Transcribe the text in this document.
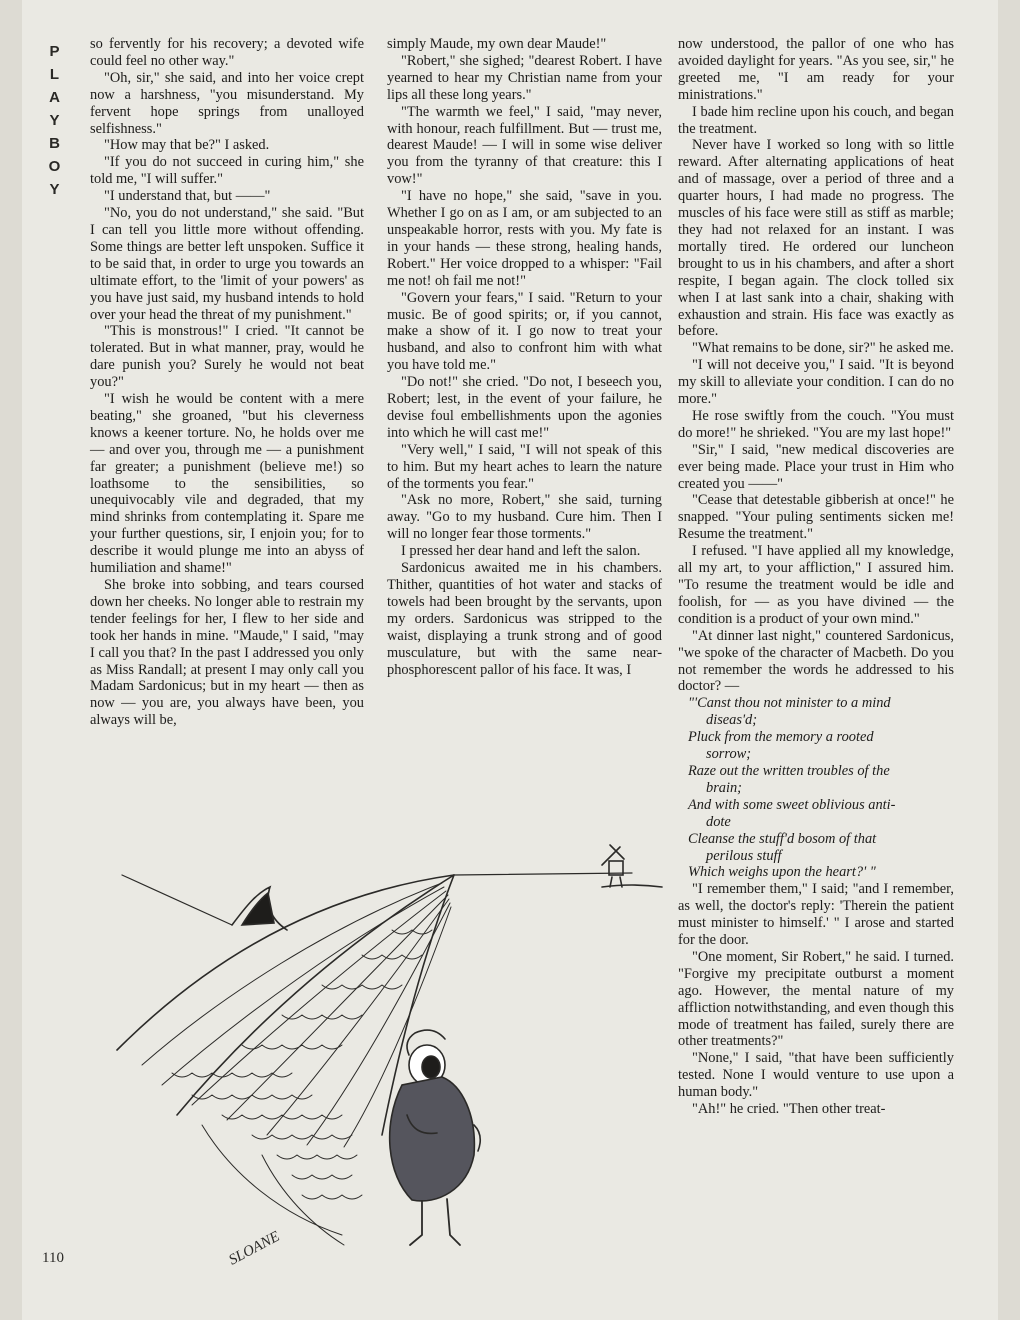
P
L
A
Y
B
O
Y

so fervently for his recovery; a devoted wife could feel no other way."

"Oh, sir," she said, and into her voice crept now a harshness, "you misunderstand. My fervent hope springs from unalloyed selfishness."

"How may that be?" I asked.

"If you do not succeed in curing him," she told me, "I will suffer."

"I understand that, but ——"

"No, you do not understand," she said. "But I can tell you little more without offending. Some things are better left unspoken. Suffice it to be said that, in order to urge you towards an ultimate effort, to the 'limit of your powers' as you have just said, my husband intends to hold over your head the threat of my punishment."

"This is monstrous!" I cried. "It cannot be tolerated. But in what manner, pray, would he dare punish you? Surely he would not beat you?"

"I wish he would be content with a mere beating," she groaned, "but his cleverness knows a keener torture. No, he holds over me — and over you, through me — a punishment far greater; a punishment (believe me!) so loathsome to the sensibilities, so unequivocably vile and degraded, that my mind shrinks from contemplating it. Spare me your further questions, sir, I enjoin you; for to describe it would plunge me into an abyss of humiliation and shame!"

She broke into sobbing, and tears coursed down her cheeks. No longer able to restrain my tender feelings for her, I flew to her side and took her hands in mine. "Maude," I said, "may I call you that? In the past I addressed you only as Miss Randall; at present I may only call you Madam Sardonicus; but in my heart — then as now — you are, you always have been, you always will be,

simply Maude, my own dear Maude!"

"Robert," she sighed; "dearest Robert. I have yearned to hear my Christian name from your lips all these long years."

"The warmth we feel," I said, "may never, with honour, reach fulfillment. But — trust me, dearest Maude! — I will in some wise deliver you from the tyranny of that creature: this I vow!"

"I have no hope," she said, "save in you. Whether I go on as I am, or am subjected to an unspeakable horror, rests with you. My fate is in your hands — these strong, healing hands, Robert." Her voice dropped to a whisper: "Fail me not! oh fail me not!"

"Govern your fears," I said. "Return to your music. Be of good spirits; or, if you cannot, make a show of it. I go now to treat your husband, and also to confront him with what you have told me."

"Do not!" she cried. "Do not, I beseech you, Robert; lest, in the event of your failure, he devise foul embellishments upon the agonies into which he will cast me!"

"Very well," I said, "I will not speak of this to him. But my heart aches to learn the nature of the torments you fear."

"Ask no more, Robert," she said, turning away. "Go to my husband. Cure him. Then I will no longer fear those torments."

I pressed her dear hand and left the salon.

Sardonicus awaited me in his chambers. Thither, quantities of hot water and stacks of towels had been brought by the servants, upon my orders. Sardonicus was stripped to the waist, displaying a trunk strong and of good musculature, but with the same near-phosphorescent pallor of his face. It was, I

now understood, the pallor of one who has avoided daylight for years. "As you see, sir," he greeted me, "I am ready for your ministrations."

I bade him recline upon his couch, and began the treatment.

Never have I worked so long with so little reward. After alternating applications of heat and of massage, over a period of three and a quarter hours, I had made no progress. The muscles of his face were still as stiff as marble; they had not relaxed for an instant. I was mortally tired. He ordered our luncheon brought to us in his chambers, and after a short respite, I began again. The clock tolled six when I at last sank into a chair, shaking with exhaustion and strain. His face was exactly as before.

"What remains to be done, sir?" he asked me.

"I will not deceive you," I said. "It is beyond my skill to alleviate your condition. I can do no more."

He rose swiftly from the couch. "You must do more!" he shrieked. "You are my last hope!"

"Sir," I said, "new medical discoveries are ever being made. Place your trust in Him who created you ——"

"Cease that detestable gibberish at once!" he snapped. "Your puling sentiments sicken me! Resume the treatment."

I refused. "I have applied all my knowledge, all my art, to your affliction," I assured him. "To resume the treatment would be idle and foolish, for — as you have divined — the condition is a product of your own mind."

"At dinner last night," countered Sardonicus, "we spoke of the character of Macbeth. Do you not remember the words he addressed to his doctor? —

"'Canst thou not minister to a mind
diseas'd;
Pluck from the memory a rooted
sorrow;
Raze out the written troubles of the
brain;
And with some sweet oblivious anti-
dote
Cleanse the stuff'd bosom of that
perilous stuff
Which weighs upon the heart?' "

"I remember them," I said; "and I remember, as well, the doctor's reply: 'Therein the patient must minister to himself.' " I arose and started for the door.

"One moment, Sir Robert," he said. I turned. "Forgive my precipitate outburst a moment ago. However, the mental nature of my affliction notwithstanding, and even though this mode of treatment has failed, surely there are other treatments?"

"None," I said, "that have been sufficiently tested. None I would venture to use upon a human body."

"Ah!" he cried. "Then other treat-

SLOANE
110
